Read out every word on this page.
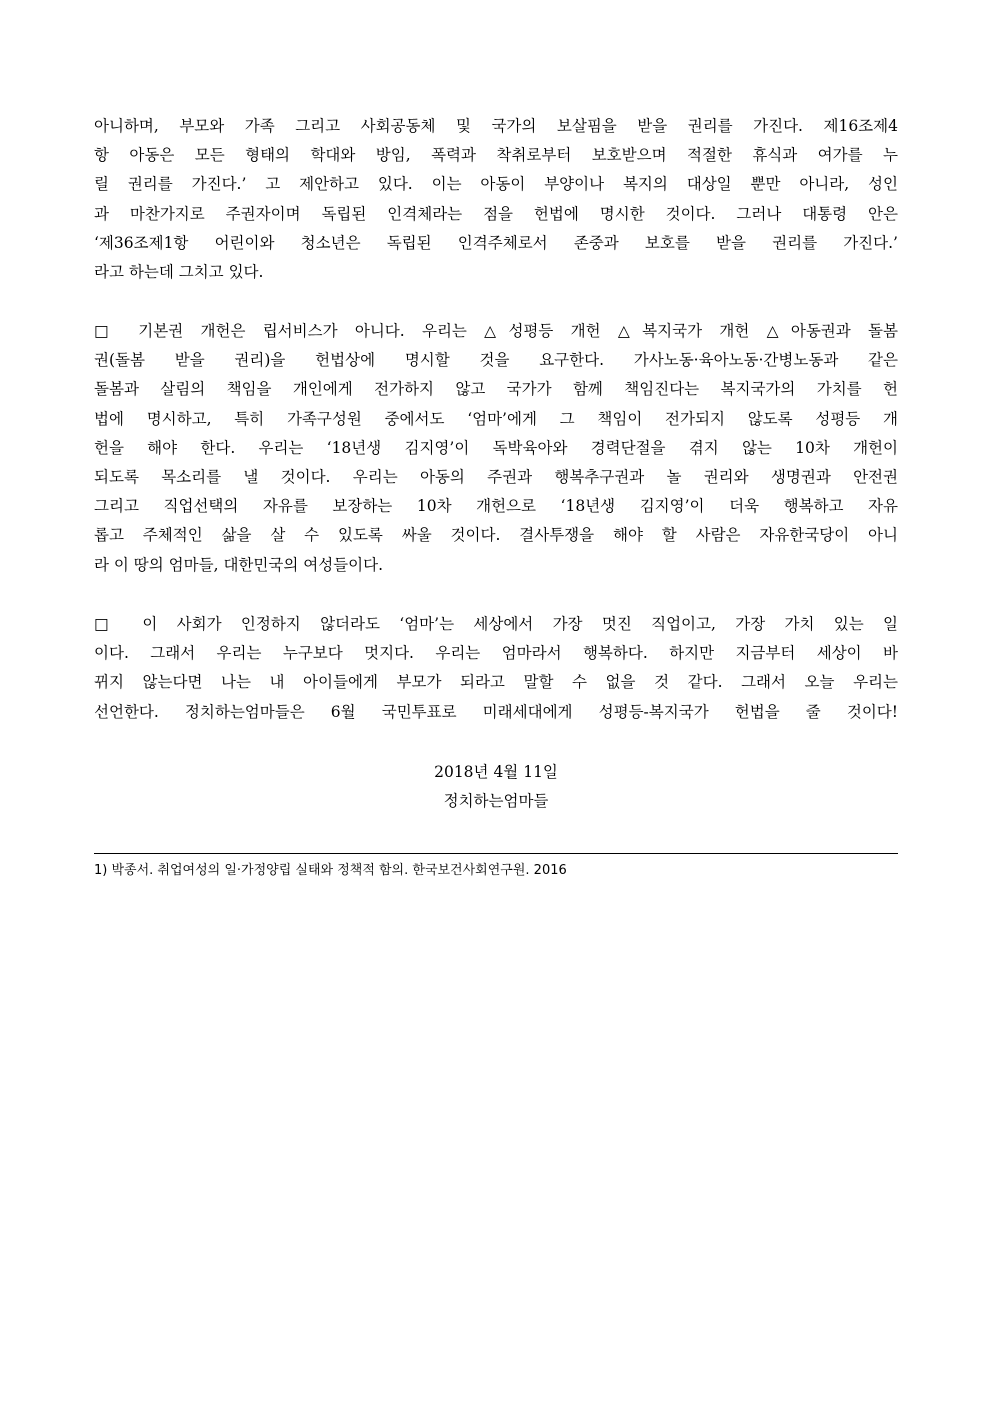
아니하며, 부모와 가족 그리고 사회공동체 및 국가의 보살핌을 받을 권리를 가진다. 제16조제4
항 아동은 모든 형태의 학대와 방임, 폭력과 착취로부터 보호받으며 적절한 휴식과 여가를 누
릴 권리를 가진다.’ 고 제안하고 있다. 이는 아동이 부양이나 복지의 대상일 뿐만 아니라, 성인
과 마찬가지로 주권자이며 독립된 인격체라는 점을 헌법에 명시한 것이다. 그러나 대통령 안은
‘제36조제1항 어린이와 청소년은 독립된 인격주체로서 존중과 보호를 받을 권리를 가진다.’
라고 하는데 그치고 있다.
□ 기본권 개헌은 립서비스가 아니다. 우리는 △성평등 개헌 △복지국가 개헌 △아동권과 돌봄
권(돌봄 받을 권리)을 헌법상에 명시할 것을 요구한다. 가사노동·육아노동·간병노동과 같은
돌봄과 살림의 책임을 개인에게 전가하지 않고 국가가 함께 책임진다는 복지국가의 가치를 헌
법에 명시하고, 특히 가족구성원 중에서도 ‘엄마’에게 그 책임이 전가되지 않도록 성평등 개
헌을 해야 한다. 우리는 ‘18년생 김지영’이 독박육아와 경력단절을 겪지 않는 10차 개헌이
되도록 목소리를 낼 것이다. 우리는 아동의 주권과 행복추구권과 놀 권리와 생명권과 안전권
그리고 직업선택의 자유를 보장하는 10차 개헌으로 ‘18년생 김지영’이 더욱 행복하고 자유
롭고 주체적인 삶을 살 수 있도록 싸울 것이다. 결사투쟁을 해야 할 사람은 자유한국당이 아니
라 이 땅의 엄마들, 대한민국의 여성들이다.
□ 이 사회가 인정하지 않더라도 ‘엄마’는 세상에서 가장 멋진 직업이고, 가장 가치 있는 일
이다. 그래서 우리는 누구보다 멋지다. 우리는 엄마라서 행복하다. 하지만 지금부터 세상이 바
뀌지 않는다면 나는 내 아이들에게 부모가 되라고 말할 수 없을 것 같다. 그래서 오늘 우리는
선언한다. 정치하는엄마들은 6월 국민투표로 미래세대에게 성평등-복지국가 헌법을 줄 것이다!
2018년 4월 11일
정치하는엄마들
1) 박종서. 취업여성의 일·가정양립 실태와 정책적 함의. 한국보건사회연구원. 2016
